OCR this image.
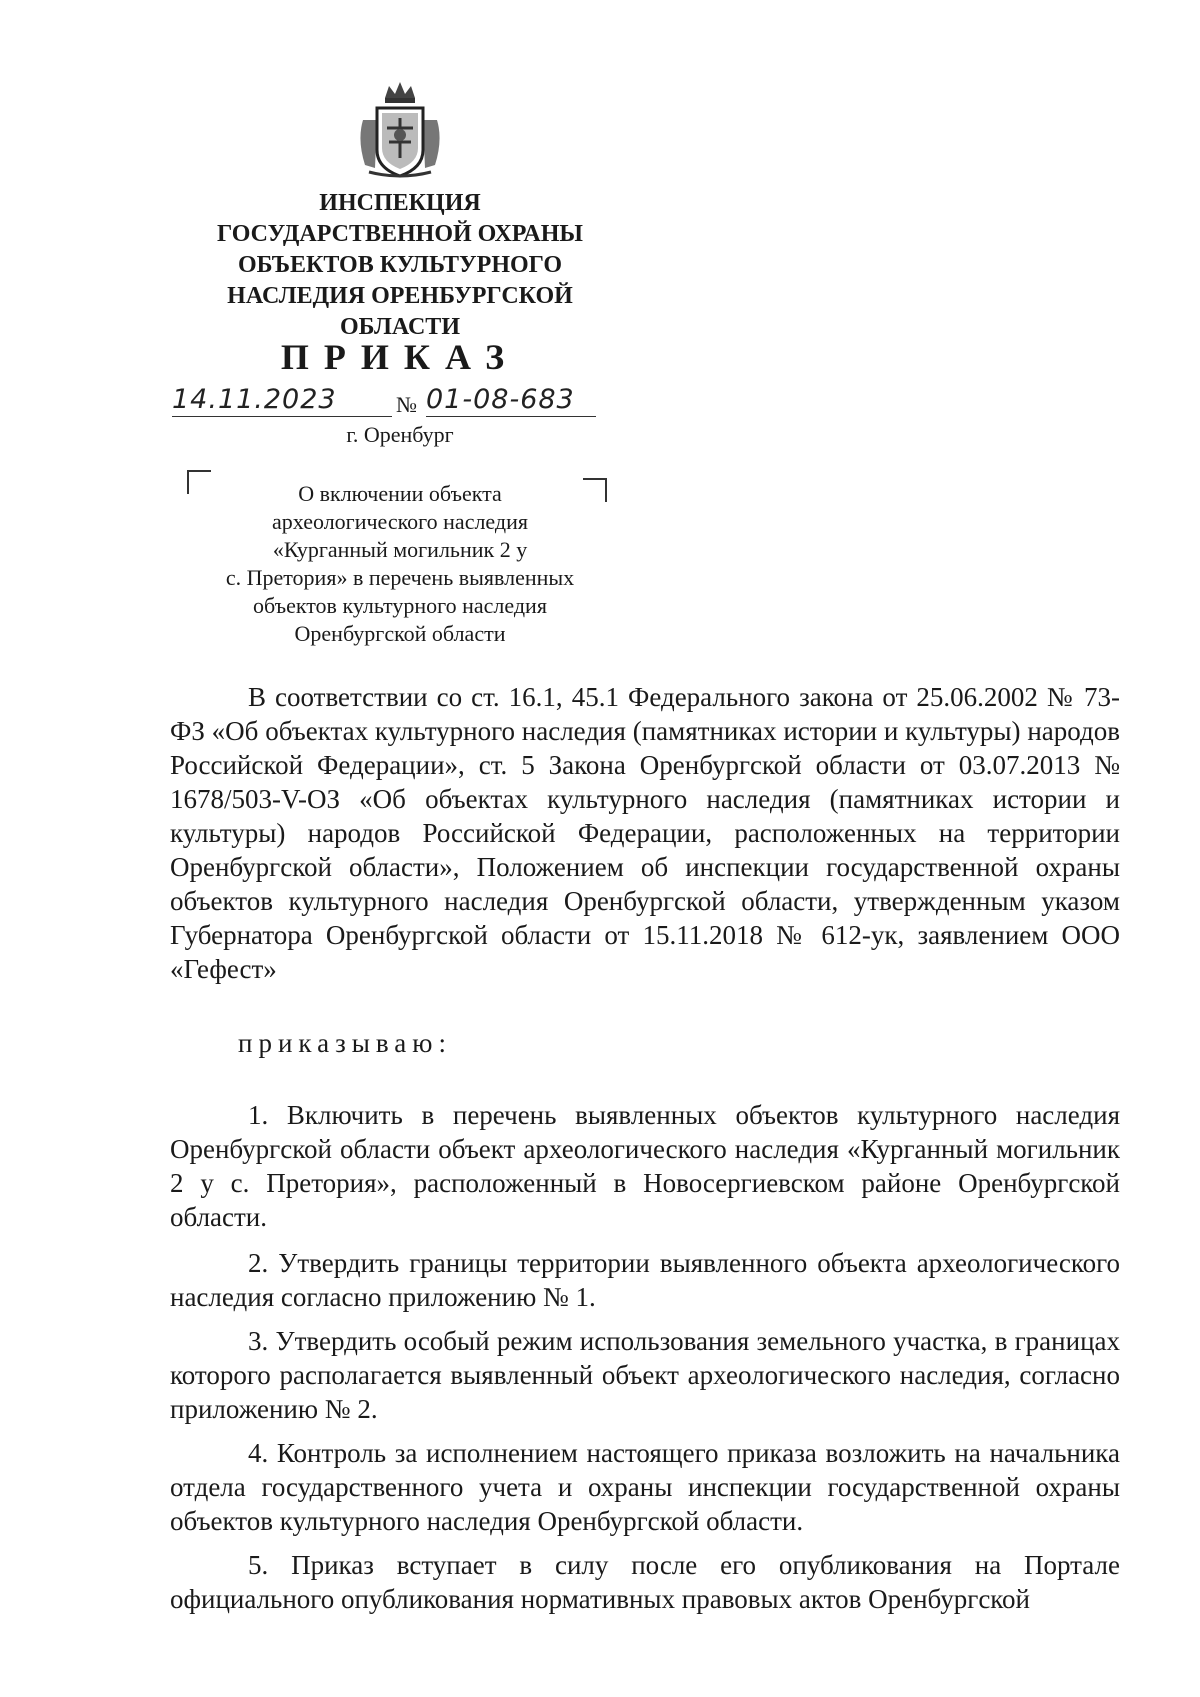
ИНСПЕКЦИЯ
ГОСУДАРСТВЕННОЙ ОХРАНЫ
ОБЪЕКТОВ КУЛЬТУРНОГО
НАСЛЕДИЯ ОРЕНБУРГСКОЙ
ОБЛАСТИ
ПРИКАЗ
14.11.2023	№ 01-08-683
г. Оренбург
О включении объекта
археологического наследия
«Курганный могильник 2 у
с. Претория» в перечень выявленных
объектов культурного наследия
Оренбургской области

В соответствии со ст. 16.1, 45.1 Федерального закона от 25.06.2002 № 73-ФЗ «Об объектах культурного наследия (памятниках истории и культуры) народов Российской Федерации», ст. 5 Закона Оренбургской области от 03.07.2013 № 1678/503-V-ОЗ «Об объектах культурного наследия (памятниках истории и культуры) народов Российской Федерации, расположенных на территории Оренбургской области», Положением об инспекции государственной охраны объектов культурного наследия Оренбургской области, утвержденным указом Губернатора Оренбургской области от 15.11.2018 № 612-ук, заявлением ООО «Гефест»

приказываю:

1. Включить в перечень выявленных объектов культурного наследия Оренбургской области объект археологического наследия «Курганный могильник 2 у с. Претория», расположенный в Новосергиевском районе Оренбургской области.

2. Утвердить границы территории выявленного объекта археологического наследия согласно приложению № 1.

3. Утвердить особый режим использования земельного участка, в границах которого располагается выявленный объект археологического наследия, согласно приложению № 2.

4. Контроль за исполнением настоящего приказа возложить на начальника отдела государственного учета и охраны инспекции государственной охраны объектов культурного наследия Оренбургской области.

5. Приказ вступает в силу после его опубликования на Портале официального опубликования нормативных правовых актов Оренбургской
